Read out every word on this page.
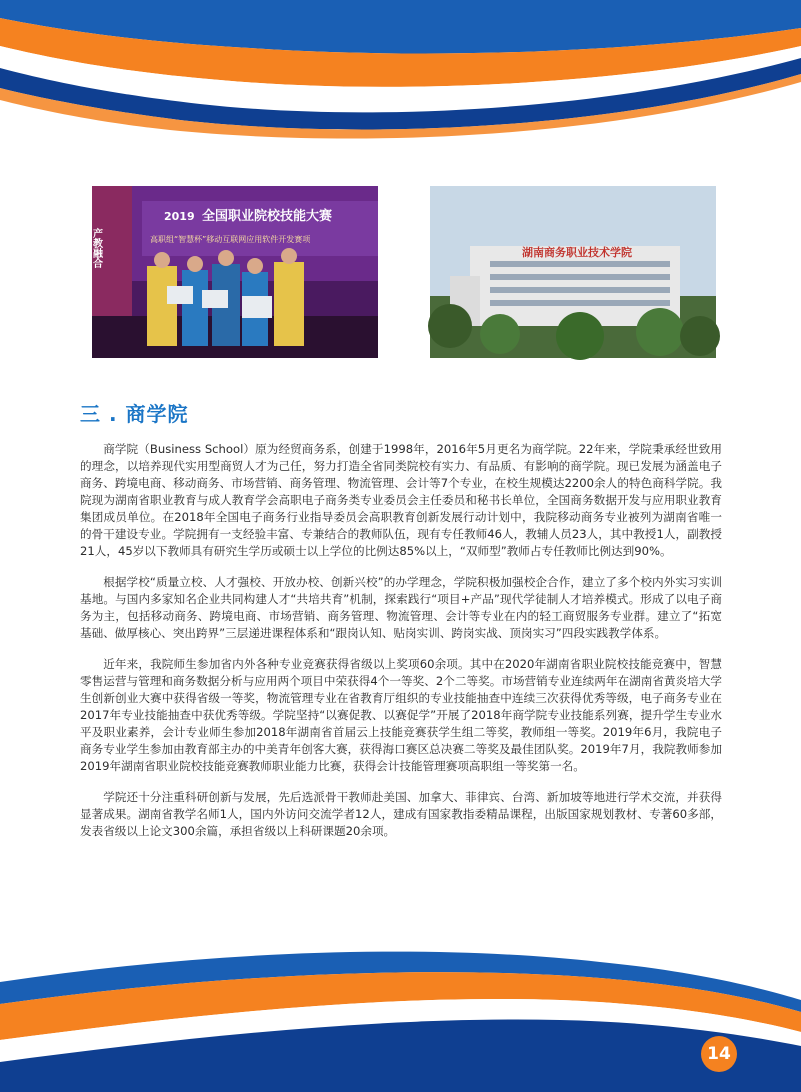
2019 全国职业院校技能大赛
高职组“智慧杯”移动互联网应用软件开发赛项
产教融合	湖南商务职业技术学院
三 . 商学院

商学院（Business School）原为经贸商务系，创建于1998年，2016年5月更名为商学院。22年来，学院秉承经世致用的理念，以培养现代实用型商贸人才为己任，努力打造全省同类院校有实力、有品质、有影响的商学院。现已发展为涵盖电子商务、跨境电商、移动商务、市场营销、商务管理、物流管理、会计等7个专业，在校生规模达2200余人的特色商科学院。我院现为湖南省职业教育与成人教育学会高职电子商务类专业委员会主任委员和秘书长单位，全国商务数据开发与应用职业教育集团成员单位。在2018年全国电子商务行业指导委员会高职教育创新发展行动计划中，我院移动商务专业被列为湖南省唯一的骨干建设专业。学院拥有一支经验丰富、专兼结合的教师队伍，现有专任教师46人，教辅人员23人，其中教授1人，副教授21人，45岁以下教师具有研究生学历或硕士以上学位的比例达85%以上，“双师型”教师占专任教师比例达到90%。

根据学校“质量立校、人才强校、开放办校、创新兴校”的办学理念，学院积极加强校企合作，建立了多个校内外实习实训基地。与国内多家知名企业共同构建人才“共培共育”机制，探索践行“项目+产品”现代学徒制人才培养模式。形成了以电子商务为主，包括移动商务、跨境电商、市场营销、商务管理、物流管理、会计等专业在内的轻工商贸服务专业群。建立了“拓宽基础、做厚核心、突出跨界”三层递进课程体系和“跟岗认知、贴岗实训、跨岗实战、顶岗实习”四段实践教学体系。

近年来，我院师生参加省内外各种专业竞赛获得省级以上奖项60余项。其中在2020年湖南省职业院校技能竞赛中，智慧零售运营与管理和商务数据分析与应用两个项目中荣获得4个一等奖、2个二等奖。市场营销专业连续两年在湖南省黄炎培大学生创新创业大赛中获得省级一等奖，物流管理专业在省教育厅组织的专业技能抽查中连续三次获得优秀等级，电子商务专业在2017年专业技能抽查中获优秀等级。学院坚持“以赛促教、以赛促学”开展了2018年商学院专业技能系列赛，提升学生专业水平及职业素养，会计专业师生参加2018年湖南省首届云上技能竞赛获学生组二等奖，教师组一等奖。2019年6月，我院电子商务专业学生参加由教育部主办的中美青年创客大赛，获得海口赛区总决赛二等奖及最佳团队奖。2019年7月，我院教师参加2019年湖南省职业院校技能竞赛教师职业能力比赛，获得会计技能管理赛项高职组一等奖第一名。

学院还十分注重科研创新与发展，先后选派骨干教师赴美国、加拿大、菲律宾、台湾、新加坡等地进行学术交流，并获得显著成果。湖南省教学名师1人，国内外访问交流学者12人，建成有国家教指委精品课程，出版国家规划教材、专著60多部，发表省级以上论文300余篇，承担省级以上科研课题20余项。

14
